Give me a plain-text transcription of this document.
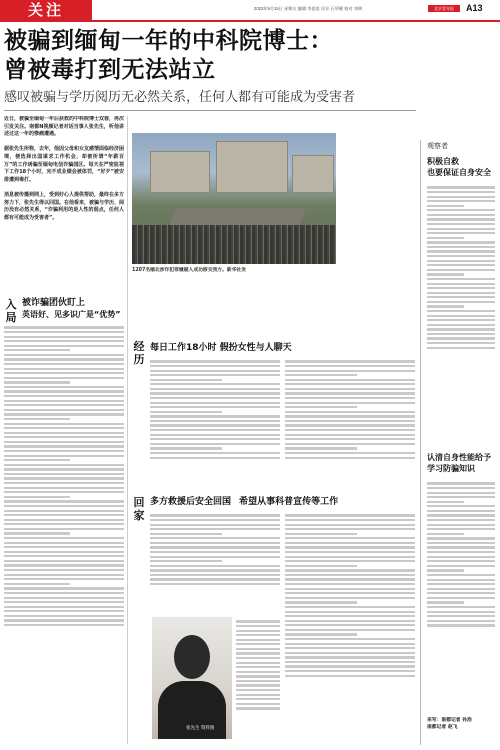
关注	2023年9月15日 星期五 编辑 李思思 设计 石华健 校对 刘明	北京青年报	A13
被骗到缅甸一年的中科院博士：
曾被毒打到无法站立
感叹被骗与学历阅历无必然关系，任何人都有可能成为受害者
近日，被骗至缅甸一年后获救的中科院博士双春，再次引发关注。南都N视频记者对话当事人张先生，听他讲述过这一年的惨痛遭遇。

据张先生所称，去年，他因父母和女友感情面临经济困境，便选择出国谋求工作机会，却被所谓“年薪百万”的工作诱骗至缅甸电信诈骗园区。每天在严密监视下工作18个小时，完不成业绩会被体罚，“好歹”被安排遭到毒打。

消息被传播到网上，受到好心人提供帮助，最终在多方努力下，张先生得以回国。在他看来，被骗与学历、阅历没有必然关系，“诈骗利用的是人性的弱点，任何人都有可能成为受害者”。
1207名缅北涉诈犯罪嫌疑人成功移交我方。新华社发
入局
被诈骗团伙盯上
英语好、见多识广是“优势”
经历
每日工作18小时 假扮女性与人聊天
回家
多方救援后安全回国 希望从事科普宣传等工作
张先生 资料图
观察者
积极自救
也要保证自身安全
认清自身性能给予学习防骗知识
采写：南都记者 孙浩
南都记者 赵飞
